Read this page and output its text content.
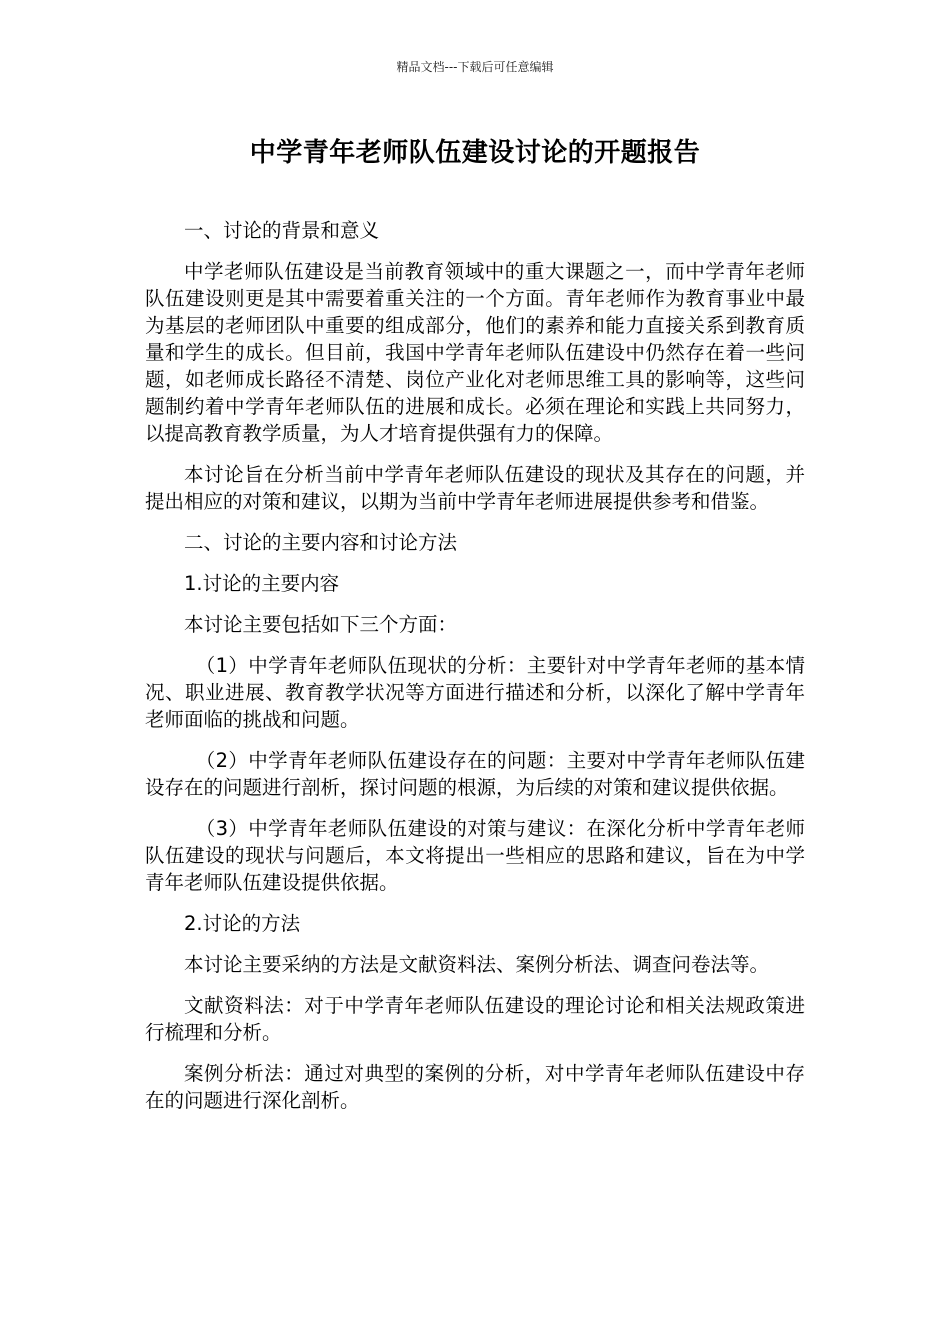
精品文档---下载后可任意编辑
中学青年老师队伍建设讨论的开题报告

一、讨论的背景和意义

中学老师队伍建设是当前教育领域中的重大课题之一，而中学青年老师队伍建设则更是其中需要着重关注的一个方面。青年老师作为教育事业中最为基层的老师团队中重要的组成部分，他们的素养和能力直接关系到教育质量和学生的成长。但目前，我国中学青年老师队伍建设中仍然存在着一些问题，如老师成长路径不清楚、岗位产业化对老师思维工具的影响等，这些问题制约着中学青年老师队伍的进展和成长。必须在理论和实践上共同努力，以提高教育教学质量，为人才培育提供强有力的保障。

本讨论旨在分析当前中学青年老师队伍建设的现状及其存在的问题，并提出相应的对策和建议，以期为当前中学青年老师进展提供参考和借鉴。

二、讨论的主要内容和讨论方法

1.讨论的主要内容

本讨论主要包括如下三个方面：

（1）中学青年老师队伍现状的分析：主要针对中学青年老师的基本情况、职业进展、教育教学状况等方面进行描述和分析，以深化了解中学青年老师面临的挑战和问题。

（2）中学青年老师队伍建设存在的问题：主要对中学青年老师队伍建设存在的问题进行剖析，探讨问题的根源，为后续的对策和建议提供依据。

（3）中学青年老师队伍建设的对策与建议：在深化分析中学青年老师队伍建设的现状与问题后，本文将提出一些相应的思路和建议，旨在为中学青年老师队伍建设提供依据。

2.讨论的方法

本讨论主要采纳的方法是文献资料法、案例分析法、调查问卷法等。

文献资料法：对于中学青年老师队伍建设的理论讨论和相关法规政策进行梳理和分析。

案例分析法：通过对典型的案例的分析，对中学青年老师队伍建设中存在的问题进行深化剖析。
